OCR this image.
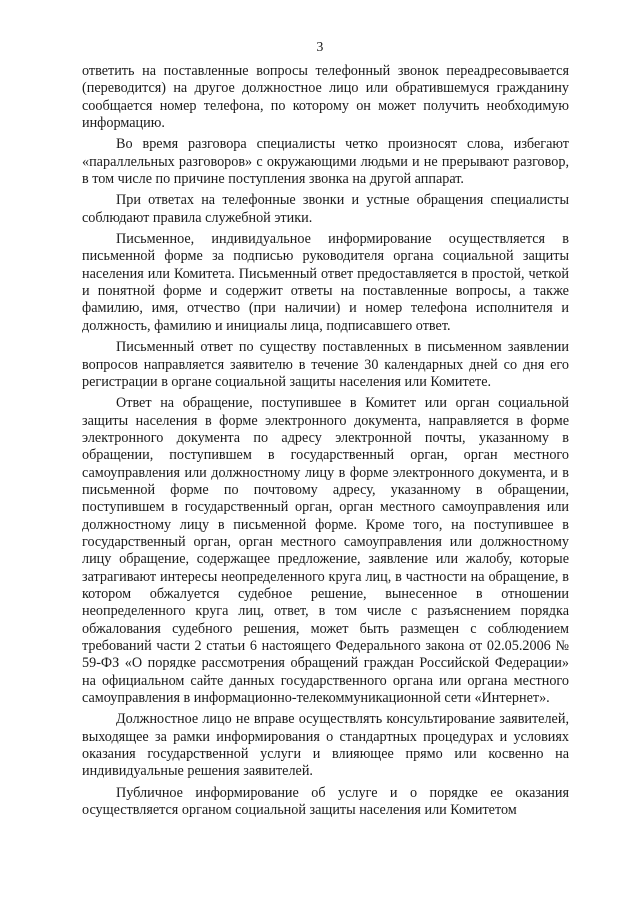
3

ответить на поставленные вопросы телефонный звонок переадресовывается (переводится) на другое должностное лицо или обратившемуся гражданину сообщается номер телефона, по которому он может получить необходимую информацию.

Во время разговора специалисты четко произносят слова, избегают «параллельных разговоров» с окружающими людьми и не прерывают разговор, в том числе по причине поступления звонка на другой аппарат.

При ответах на телефонные звонки и устные обращения специалисты соблюдают правила служебной этики.

Письменное, индивидуальное информирование осуществляется в письменной форме за подписью руководителя органа социальной защиты населения или Комитета. Письменный ответ предоставляется в простой, четкой и понятной форме и содержит ответы на поставленные вопросы, а также фамилию, имя, отчество (при наличии) и номер телефона исполнителя и должность, фамилию и инициалы лица, подписавшего ответ.

Письменный ответ по существу поставленных в письменном заявлении вопросов направляется заявителю в течение 30 календарных дней со дня его регистрации в органе социальной защиты населения или Комитете.

Ответ на обращение, поступившее в Комитет или орган социальной защиты населения в форме электронного документа, направляется в форме электронного документа по адресу электронной почты, указанному в обращении, поступившем в государственный орган, орган местного самоуправления или должностному лицу в форме электронного документа, и в письменной форме по почтовому адресу, указанному в обращении, поступившем в государственный орган, орган местного самоуправления или должностному лицу в письменной форме. Кроме того, на поступившее в государственный орган, орган местного самоуправления или должностному лицу обращение, содержащее предложение, заявление или жалобу, которые затрагивают интересы неопределенного круга лиц, в частности на обращение, в котором обжалуется судебное решение, вынесенное в отношении неопределенного круга лиц, ответ, в том числе с разъяснением порядка обжалования судебного решения, может быть размещен с соблюдением требований части 2 статьи 6 настоящего Федерального закона от 02.05.2006 № 59-ФЗ «О порядке рассмотрения обращений граждан Российской Федерации» на официальном сайте данных государственного органа или органа местного самоуправления в информационно-телекоммуникационной сети «Интернет».

Должностное лицо не вправе осуществлять консультирование заявителей, выходящее за рамки информирования о стандартных процедурах и условиях оказания государственной услуги и влияющее прямо или косвенно на индивидуальные решения заявителей.

Публичное информирование об услуге и о порядке ее оказания осуществляется органом социальной защиты населения или Комитетом
